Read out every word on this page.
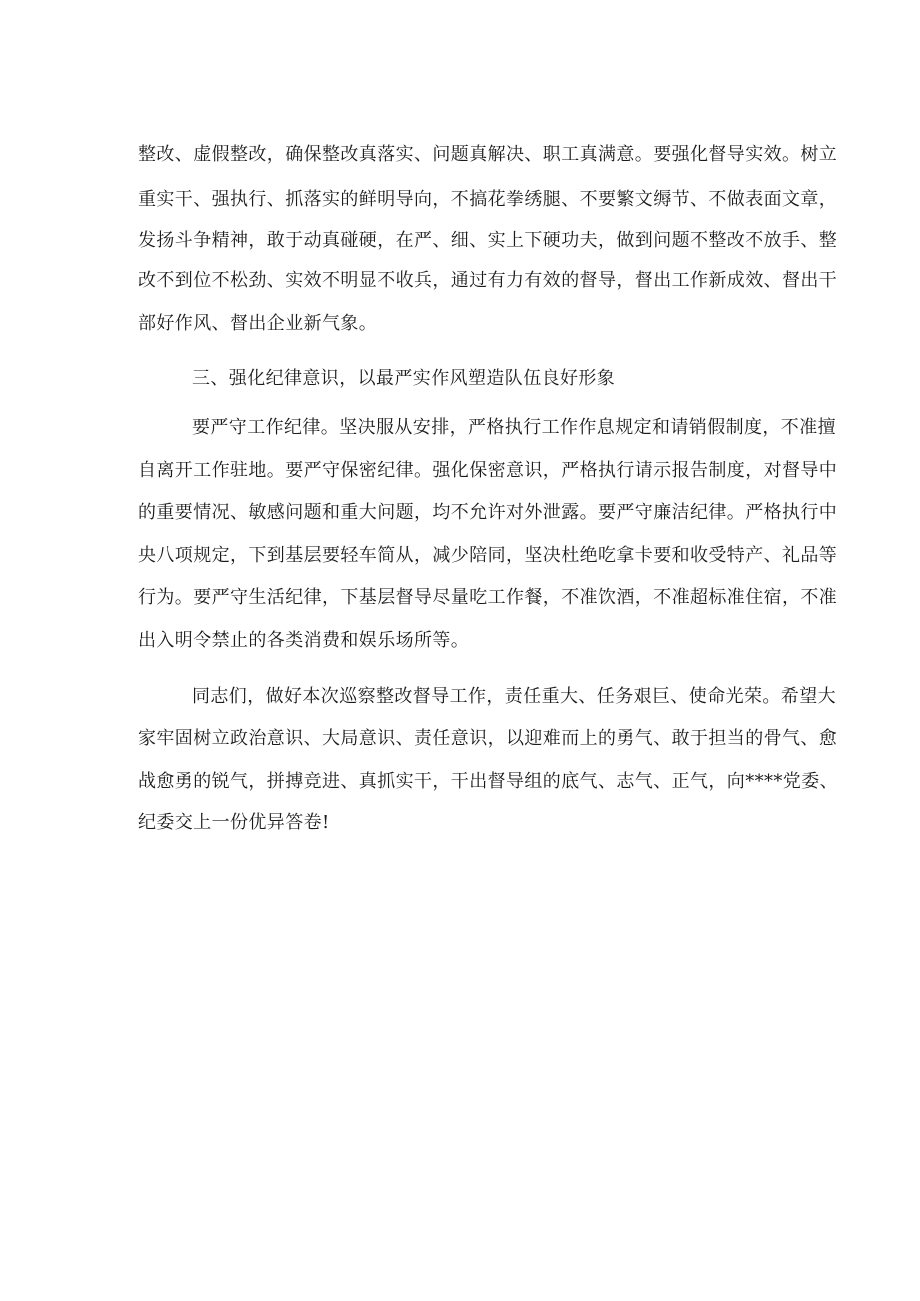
整改、虚假整改，确保整改真落实、问题真解决、职工真满意。要强化督导实效。树立
重实干、强执行、抓落实的鲜明导向，不搞花拳绣腿、不要繁文缛节、不做表面文章，
发扬斗争精神，敢于动真碰硬，在严、细、实上下硬功夫，做到问题不整改不放手、整
改不到位不松劲、实效不明显不收兵，通过有力有效的督导，督出工作新成效、督出干
部好作风、督出企业新气象。
三、强化纪律意识，以最严实作风塑造队伍良好形象
要严守工作纪律。坚决服从安排，严格执行工作作息规定和请销假制度，不准擅
自离开工作驻地。要严守保密纪律。强化保密意识，严格执行请示报告制度，对督导中
的重要情况、敏感问题和重大问题，均不允许对外泄露。要严守廉洁纪律。严格执行中
央八项规定，下到基层要轻车简从，减少陪同，坚决杜绝吃拿卡要和收受特产、礼品等
行为。要严守生活纪律，下基层督导尽量吃工作餐，不准饮酒，不准超标准住宿，不准
出入明令禁止的各类消费和娱乐场所等。
同志们，做好本次巡察整改督导工作，责任重大、任务艰巨、使命光荣。希望大
家牢固树立政治意识、大局意识、责任意识，以迎难而上的勇气、敢于担当的骨气、愈
战愈勇的锐气，拼搏竞进、真抓实干，干出督导组的底气、志气、正气，向****党委、
纪委交上一份优异答卷!
